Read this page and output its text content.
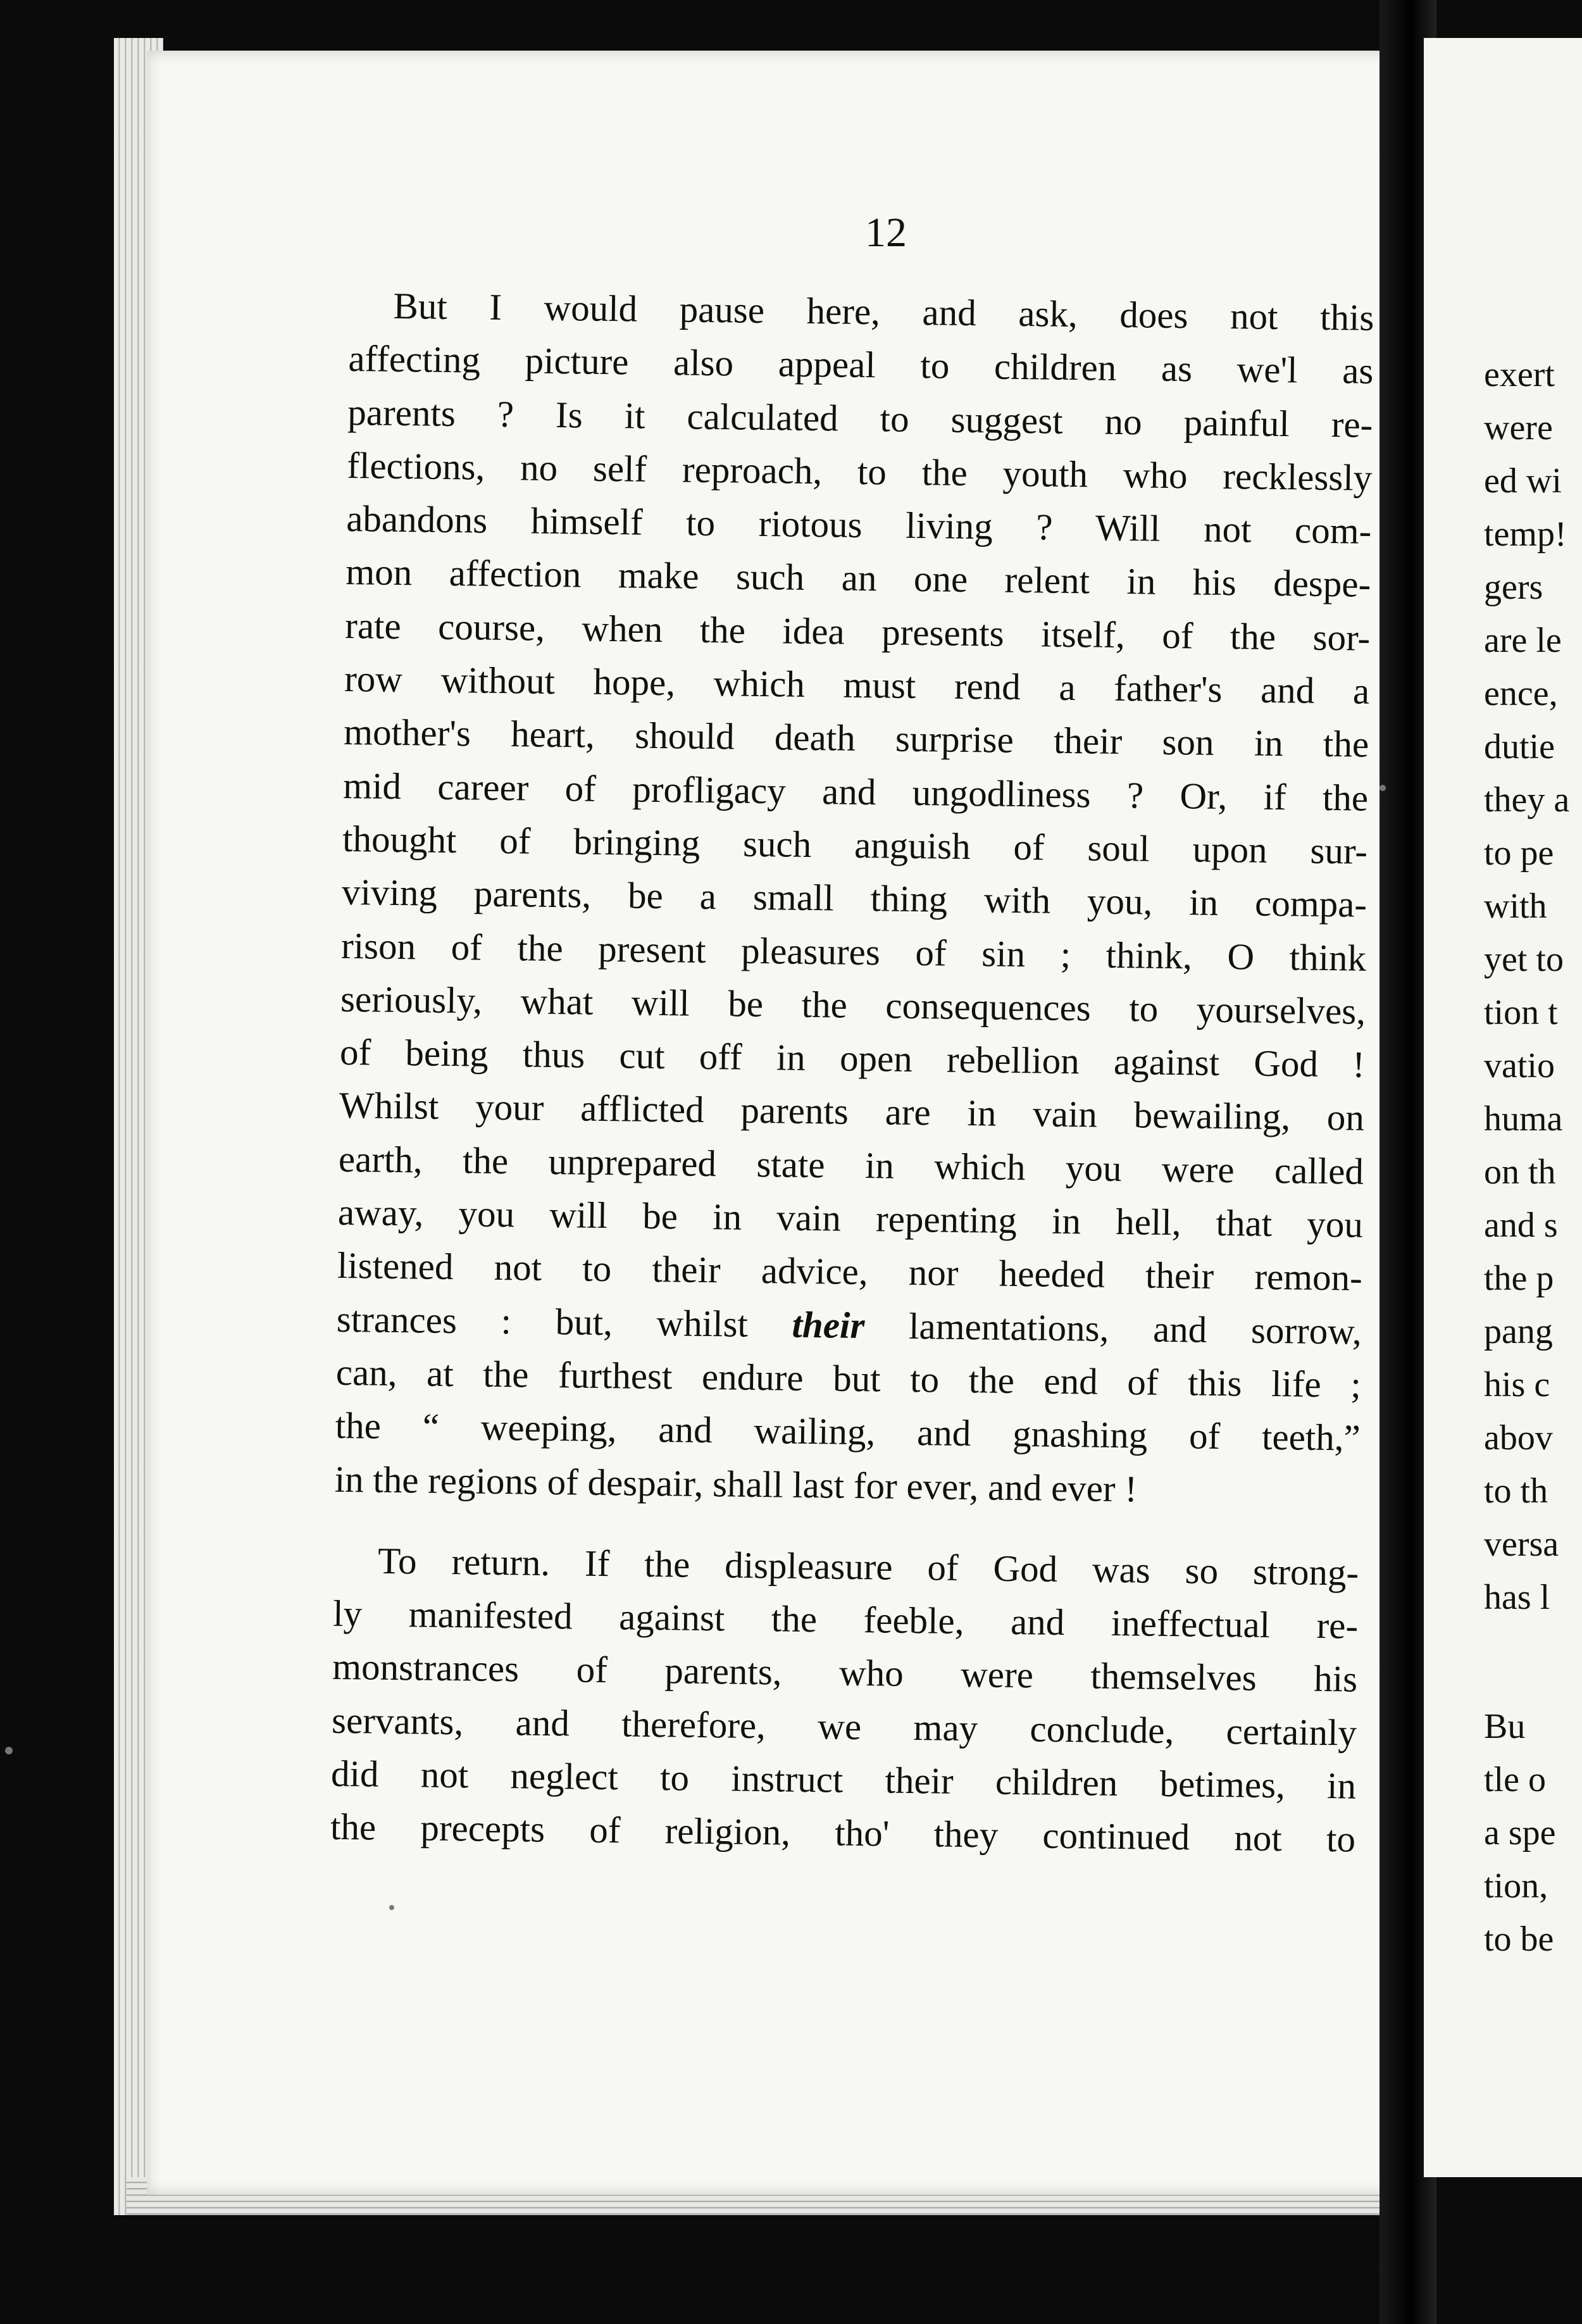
12
But I would pause here, and ask, does not this
affecting picture also appeal to children as we'l as
parents ? Is it calculated to suggest no painful re-
flections, no self reproach, to the youth who recklessly
abandons himself to riotous living ? Will not com-
mon affection make such an one relent in his despe-
rate course, when the idea presents itself, of the sor-
row without hope, which must rend a father's and a
mother's heart, should death surprise their son in the
mid career of profligacy and ungodliness ? Or, if the
thought of bringing such anguish of soul upon sur-
viving parents, be a small thing with you, in compa-
rison of the present pleasures of sin ; think, O think
seriously, what will be the consequences to yourselves,
of being thus cut off in open rebellion against God !
Whilst your afflicted parents are in vain bewailing, on
earth, the unprepared state in which you were called
away, you will be in vain repenting in hell, that you
listened not to their advice, nor heeded their remon-
strances : but, whilst their lamentations, and sorrow,
can, at the furthest endure but to the end of this life ;
the “ weeping, and wailing, and gnashing of teeth,”
in the regions of despair, shall last for ever, and ever !
To return. If the displeasure of God was so strong-
ly manifested against the feeble, and ineffectual re-
monstrances of parents, who were themselves his
servants, and therefore, we may conclude, certainly
did not neglect to instruct their children betimes, in
the precepts of religion, tho' they continued not to
exert
were
ed wi
temp!
gers
are le
ence,
dutie
they a
to pe
with
yet to
tion t
vatio
huma
on th
and s
the p
pang
his c
abov
to th
versa
has l
Bu
tle o
a spe
tion,
to be
